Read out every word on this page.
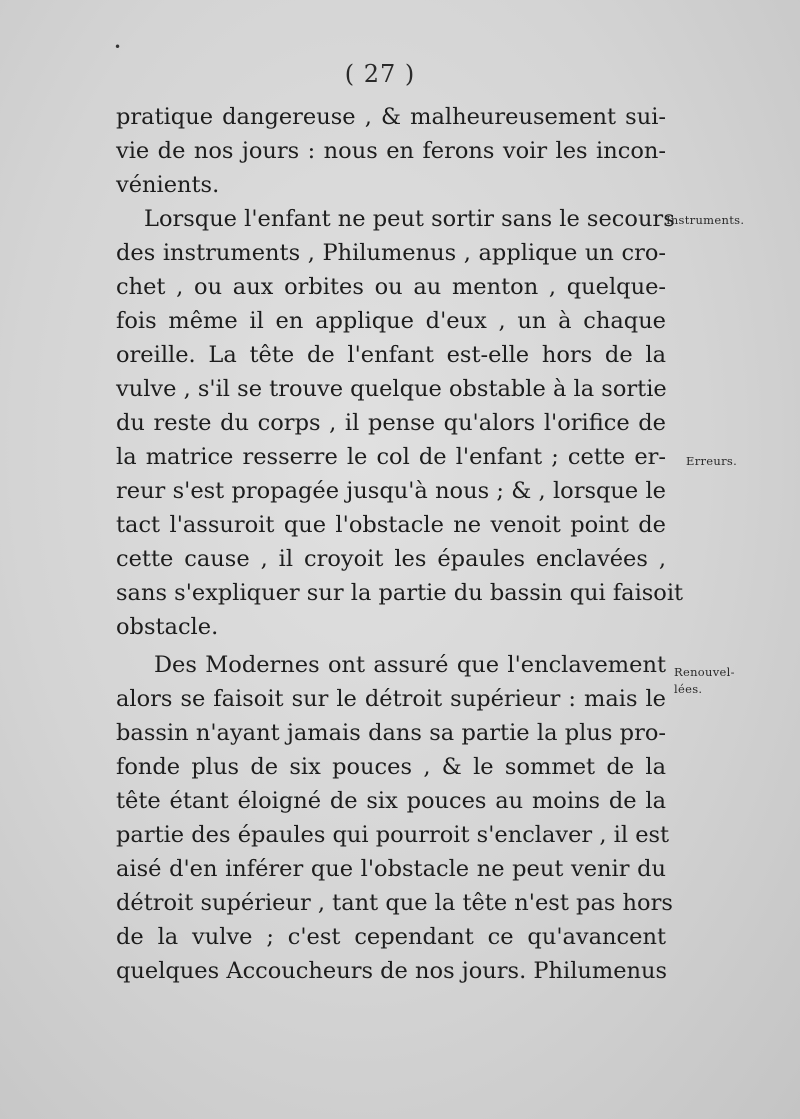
•
( 27 )
pratique dangereuse , & malheureusement sui-
vie de nos jours : nous en ferons voir les incon-
vénients.
Lorsque l'enfant ne peut sortir sans le secours
des instruments , Philumenus , applique un cro-
chet , ou aux orbites ou au menton , quelque-
fois même il en applique d'eux , un à chaque
oreille. La tête de l'enfant est-elle hors de la
vulve , s'il se trouve quelque obstable à la sortie
du reste du corps , il pense qu'alors l'orifice de
la matrice resserre le col de l'enfant ; cette er-
reur s'est propagée jusqu'à nous ; & , lorsque le
tact l'assuroit que l'obstacle ne venoit point de
cette cause , il croyoit les épaules enclavées ,
sans s'expliquer sur la partie du bassin qui faisoit
obstacle.
Des Modernes ont assuré que l'enclavement
alors se faisoit sur le détroit supérieur : mais le
bassin n'ayant jamais dans sa partie la plus pro-
fonde plus de six pouces , & le sommet de la
tête étant éloigné de six pouces au moins de la
partie des épaules qui pourroit s'enclaver , il est
aisé d'en inférer que l'obstacle ne peut venir du
détroit supérieur , tant que la tête n'est pas hors
de la vulve ; c'est cependant ce qu'avancent
quelques Accoucheurs de nos jours. Philumenus
Instruments.
Erreurs.
Renouvel-
lées.
